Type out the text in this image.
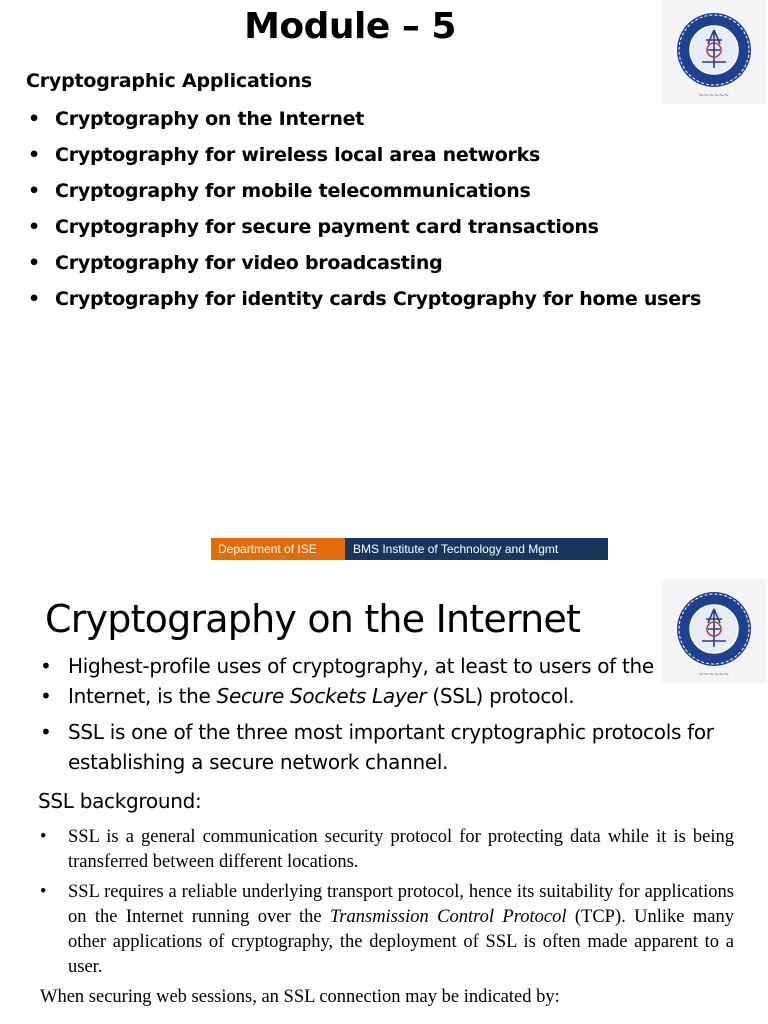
Module – 5
~~~~~~
Cryptographic Applications
• Cryptography on the Internet
• Cryptography for wireless local area networks
• Cryptography for mobile telecommunications
• Cryptography for secure payment card transactions
• Cryptography for video broadcasting
• Cryptography for identity cards Cryptography for home users
Department of ISE	BMS Institute of Technology and Mgmt
Cryptography on the Internet
~~~~~~
• Highest-profile uses of cryptography, at least to users of the
• Internet, is the Secure Sockets Layer (SSL) protocol.
• SSL is one of the three most important cryptographic protocols for establishing a secure network channel.
SSL background:
• SSL is a general communication security protocol for protecting data while it is being transferred between different locations.
• SSL requires a reliable underlying transport protocol, hence its suitability for applications on the Internet running over the Transmission Control Protocol (TCP). Unlike many other applications of cryptography, the deployment of SSL is often made apparent to a user.
When securing web sessions, an SSL connection may be indicated by:
